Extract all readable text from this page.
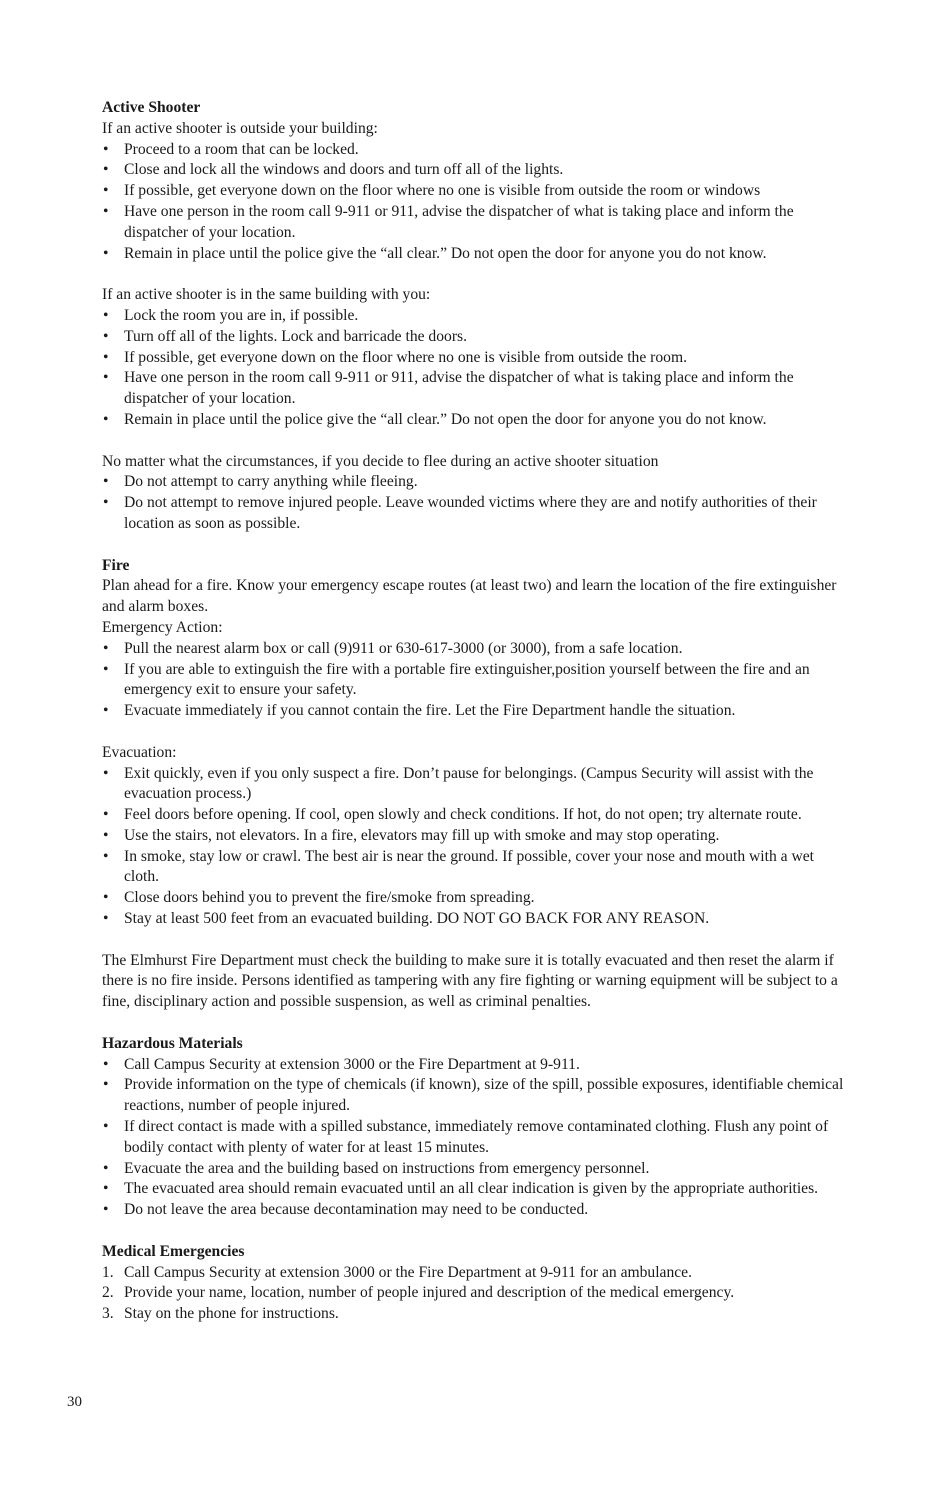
Active Shooter
If an active shooter is outside your building:
• Proceed to a room that can be locked.
• Close and lock all the windows and doors and turn off all of the lights.
• If possible, get everyone down on the floor where no one is visible from outside the room or windows
• Have one person in the room call 9-911 or 911, advise the dispatcher of what is taking place and inform the dispatcher of your location.
• Remain in place until the police give the “all clear.” Do not open the door for anyone you do not know.
If an active shooter is in the same building with you:
• Lock the room you are in, if possible.
• Turn off all of the lights. Lock and barricade the doors.
• If possible, get everyone down on the floor where no one is visible from outside the room.
• Have one person in the room call 9-911 or 911, advise the dispatcher of what is taking place and inform the dispatcher of your location.
• Remain in place until the police give the “all clear.” Do not open the door for anyone you do not know.
No matter what the circumstances, if you decide to flee during an active shooter situation
• Do not attempt to carry anything while fleeing.
• Do not attempt to remove injured people. Leave wounded victims where they are and notify authorities of their location as soon as possible.
Fire
Plan ahead for a fire. Know your emergency escape routes (at least two) and learn the location of the fire extinguisher and alarm boxes.
Emergency Action:
• Pull the nearest alarm box or call (9)911 or 630-617-3000 (or 3000), from a safe location.
• If you are able to extinguish the fire with a portable fire extinguisher,position yourself between the fire and an emergency exit to ensure your safety.
• Evacuate immediately if you cannot contain the fire. Let the Fire Department handle the situation.
Evacuation:
• Exit quickly, even if you only suspect a fire. Don’t pause for belongings. (Campus Security will assist with the evacuation process.)
• Feel doors before opening. If cool, open slowly and check conditions. If hot, do not open; try alternate route.
• Use the stairs, not elevators. In a fire, elevators may fill up with smoke and may stop operating.
• In smoke, stay low or crawl. The best air is near the ground. If possible, cover your nose and mouth with a wet cloth.
• Close doors behind you to prevent the fire/smoke from spreading.
• Stay at least 500 feet from an evacuated building. DO NOT GO BACK FOR ANY REASON.
The Elmhurst Fire Department must check the building to make sure it is totally evacuated and then reset the alarm if there is no fire inside. Persons identified as tampering with any fire fighting or warning equipment will be subject to a fine, disciplinary action and possible suspension, as well as criminal penalties.
Hazardous Materials
• Call Campus Security at extension 3000 or the Fire Department at 9-911.
• Provide information on the type of chemicals (if known), size of the spill, possible exposures, identifiable chemical reactions, number of people injured.
• If direct contact is made with a spilled substance, immediately remove contaminated clothing. Flush any point of bodily contact with plenty of water for at least 15 minutes.
• Evacuate the area and the building based on instructions from emergency personnel.
• The evacuated area should remain evacuated until an all clear indication is given by the appropriate authorities.
• Do not leave the area because decontamination may need to be conducted.
Medical Emergencies
1. Call Campus Security at extension 3000 or the Fire Department at 9-911 for an ambulance.
2. Provide your name, location, number of people injured and description of the medical emergency.
3. Stay on the phone for instructions.
30
